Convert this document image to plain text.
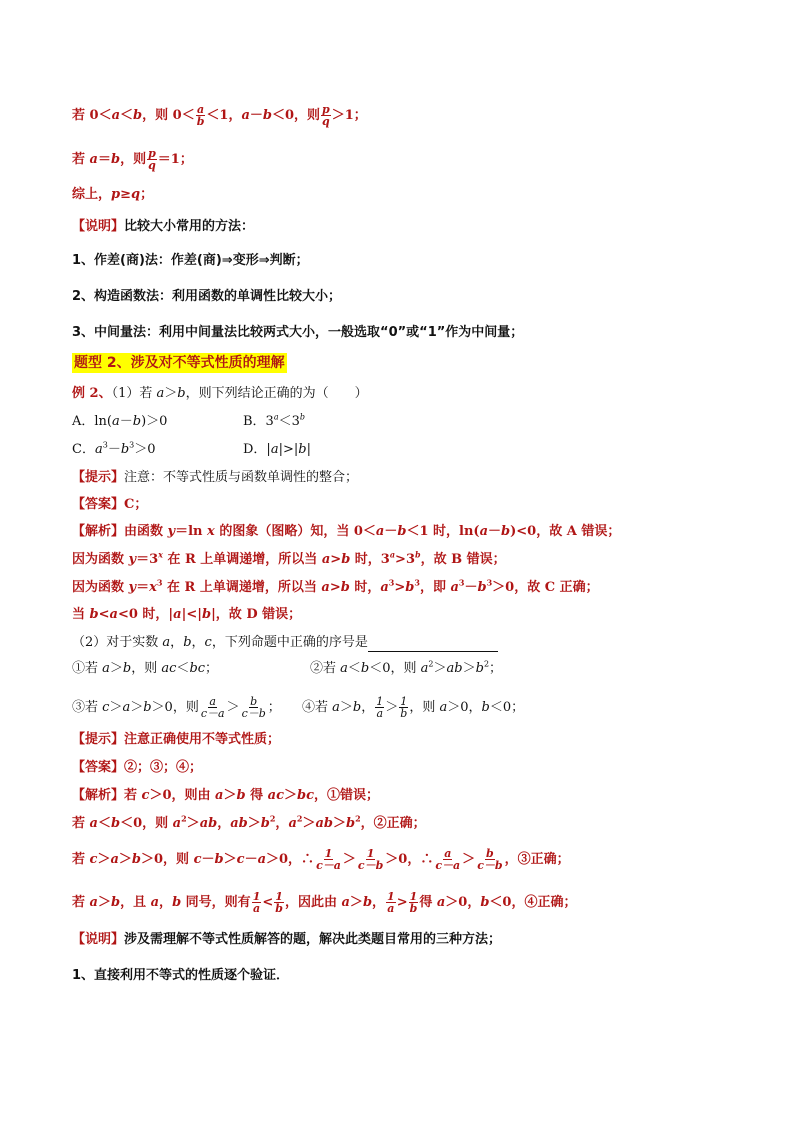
若 0＜a＜b，则 $0< \frac{a}{b} <1$，a－b＜0，则 $\frac{p}{q} >1$；
若 a＝b，则 $\frac{p}{q} =1$；
综上，p≥q；
【说明】比较大小常用的方法：
1、作差(商)法：作差(商)⇒变形⇒判断；
2、构造函数法：利用函数的单调性比较大小；
3、中间量法：利用中间量法比较两式大小，一般选取“0”或“1”作为中间量；
题型 2、涉及对不等式性质的理解
例 2、（1）若 a＞b，则下列结论正确的为（　　）
A．ln(a－b)＞0	B．$3^a<3^b$
C．$a^3-b^3>0$	D．|a|>|b|
【提示】注意：不等式性质与函数单调性的整合；
【答案】C；
【解析】由函数 y＝ln x 的图象（图略）知，当 0＜a－b＜1 时，ln(a－b)<0，故 A 错误；
因为函数 $y=3^x$ 在 R 上单调递增，所以当 a>b 时，$3^a>3^b$，故 B 错误；
因为函数 $y=x^3$ 在 R 上单调递增，所以当 a>b 时，$a^3>b^3$，即 $a^3-b^3>0$，故 C 正确；
当 b<a<0 时，|a|<|b|，故 D 错误；
（2）对于实数 a，b，c，下列命题中正确的序号是
①若 a＞b，则 ac＜bc；	②若 a＜b＜0，则 $a^2>ab>b^2$；
③若 c＞a＞b＞0，则 $\frac{a}{c-a} > \frac{b}{c-b}$ ； ④若 a＞b， $\frac{1}{a} > \frac{1}{b}$ ，则 a＞0，b＜0；
【提示】注意正确使用不等式性质；
【答案】②；③；④；
【解析】若 c＞0，则由 a＞b 得 ac＞bc，①错误；
若 a＜b＜0，则 $a^2>ab$，$ab>b^2$，$a^2>ab>b^2$，②正确；
若 c＞a＞b＞0，则 c－b＞c－a＞0，∴ $\frac{1}{c-a} > \frac{1}{c-b} >0$，∴ $\frac{a}{c-a} > \frac{b}{c-b}$ ，③正确；
若 a＞b，且 a，b 同号，则有 $\frac{1}{a} < \frac{1}{b}$ ，因此由 a＞b， $\frac{1}{a} > \frac{1}{b}$ 得 a＞0，b＜0，④正确；
【说明】涉及需理解不等式性质解答的题，解决此类题目常用的三种方法；
1、直接利用不等式的性质逐个验证．
